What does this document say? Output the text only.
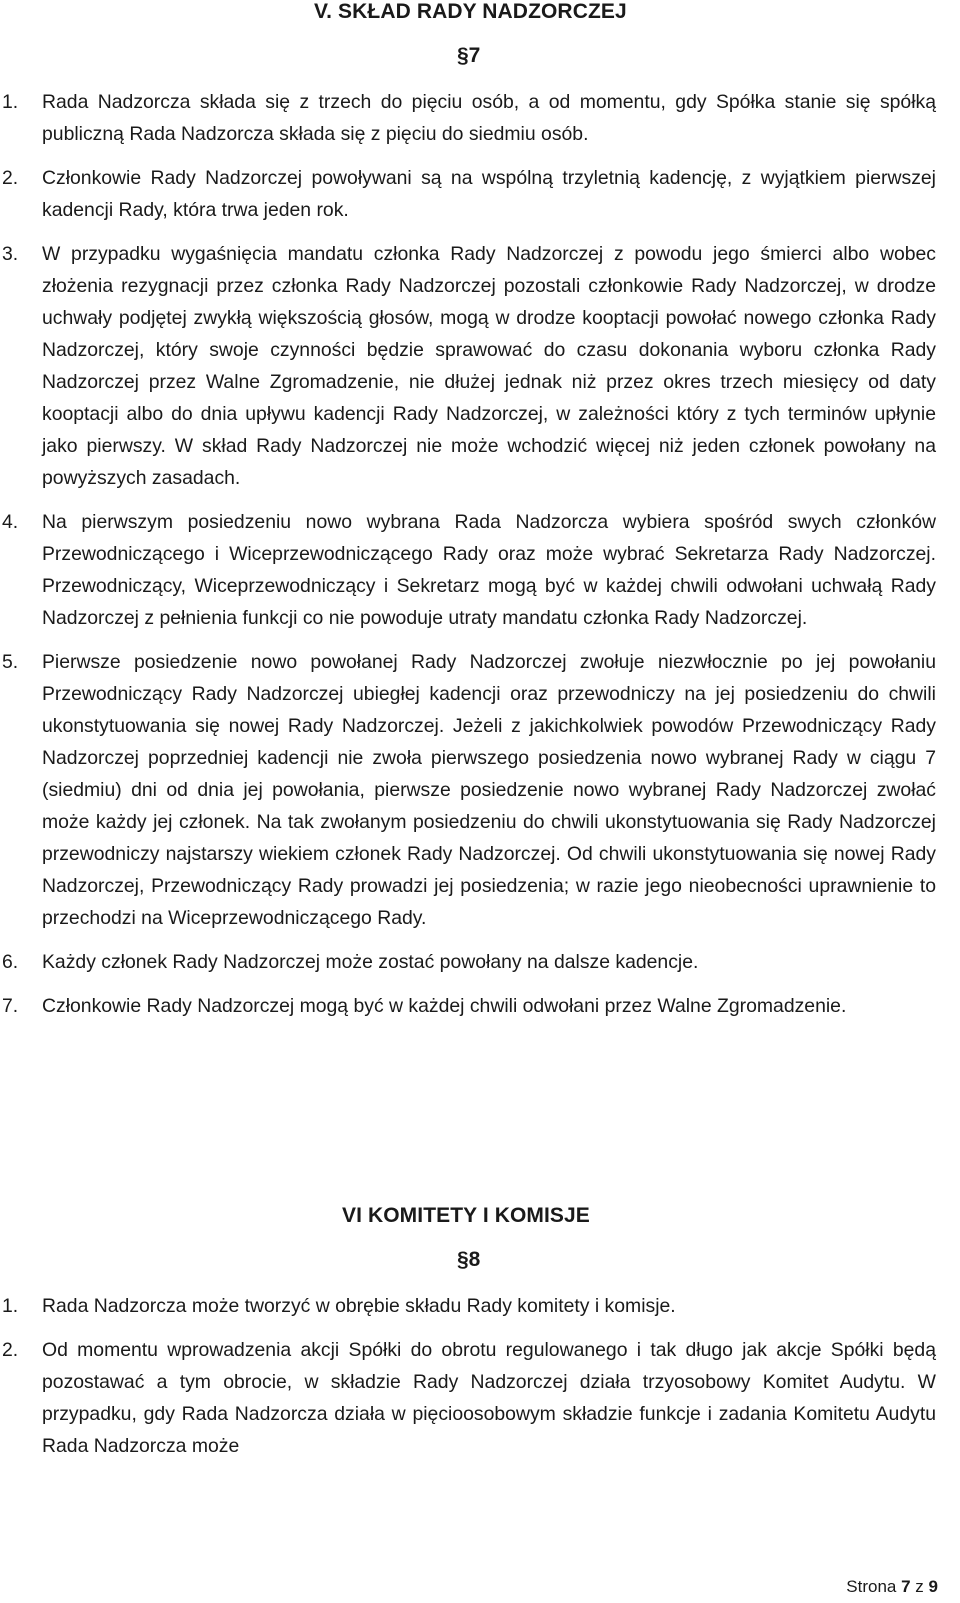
V. SKŁAD RADY NADZORCZEJ
§7
1. Rada Nadzorcza składa się z trzech do pięciu osób, a od momentu, gdy Spółka stanie się spółką publiczną Rada Nadzorcza składa się z pięciu do siedmiu osób.
2. Członkowie Rady Nadzorczej powoływani są na wspólną trzyletnią kadencję, z wyjątkiem pierwszej kadencji Rady, która trwa jeden rok.
3. W przypadku wygaśnięcia mandatu członka Rady Nadzorczej z powodu jego śmierci albo wobec złożenia rezygnacji przez członka Rady Nadzorczej pozostali członkowie Rady Nadzorczej, w drodze uchwały podjętej zwykłą większością głosów, mogą w drodze kooptacji powołać nowego członka Rady Nadzorczej, który swoje czynności będzie sprawować do czasu dokonania wyboru członka Rady Nadzorczej przez Walne Zgromadzenie, nie dłużej jednak niż przez okres trzech miesięcy od daty kooptacji albo do dnia upływu kadencji Rady Nadzorczej, w zależności który z tych terminów upłynie jako pierwszy. W skład Rady Nadzorczej nie może wchodzić więcej niż jeden członek powołany na powyższych zasadach.
4. Na pierwszym posiedzeniu nowo wybrana Rada Nadzorcza wybiera spośród swych członków Przewodniczącego i Wiceprzewodniczącego Rady oraz może wybrać Sekretarza Rady Nadzorczej. Przewodniczący, Wiceprzewodniczący i Sekretarz mogą być w każdej chwili odwołani uchwałą Rady Nadzorczej z pełnienia funkcji co nie powoduje utraty mandatu członka Rady Nadzorczej.
5. Pierwsze posiedzenie nowo powołanej Rady Nadzorczej zwołuje niezwłocznie po jej powołaniu Przewodniczący Rady Nadzorczej ubiegłej kadencji oraz przewodniczy na jej posiedzeniu do chwili ukonstytuowania się nowej Rady Nadzorczej. Jeżeli z jakichkolwiek powodów Przewodniczący Rady Nadzorczej poprzedniej kadencji nie zwoła pierwszego posiedzenia nowo wybranej Rady w ciągu 7 (siedmiu) dni od dnia jej powołania, pierwsze posiedzenie nowo wybranej Rady Nadzorczej zwołać może każdy jej członek. Na tak zwołanym posiedzeniu do chwili ukonstytuowania się Rady Nadzorczej przewodniczy najstarszy wiekiem członek Rady Nadzorczej. Od chwili ukonstytuowania się nowej Rady Nadzorczej, Przewodniczący Rady prowadzi jej posiedzenia; w razie jego nieobecności uprawnienie to przechodzi na Wiceprzewodniczącego Rady.
6. Każdy członek Rady Nadzorczej może zostać powołany na dalsze kadencje.
7. Członkowie Rady Nadzorczej mogą być w każdej chwili odwołani przez Walne Zgromadzenie.
VI KOMITETY I KOMISJE
§8
1. Rada Nadzorcza może tworzyć w obrębie składu Rady komitety i komisje.
2. Od momentu wprowadzenia akcji Spółki do obrotu regulowanego i tak długo jak akcje Spółki będą pozostawać a tym obrocie, w składzie Rady Nadzorczej działa trzyosobowy Komitet Audytu. W przypadku, gdy Rada Nadzorcza działa w pięcioosobowym składzie funkcje i zadania Komitetu Audytu Rada Nadzorcza może
Strona 7 z 9
